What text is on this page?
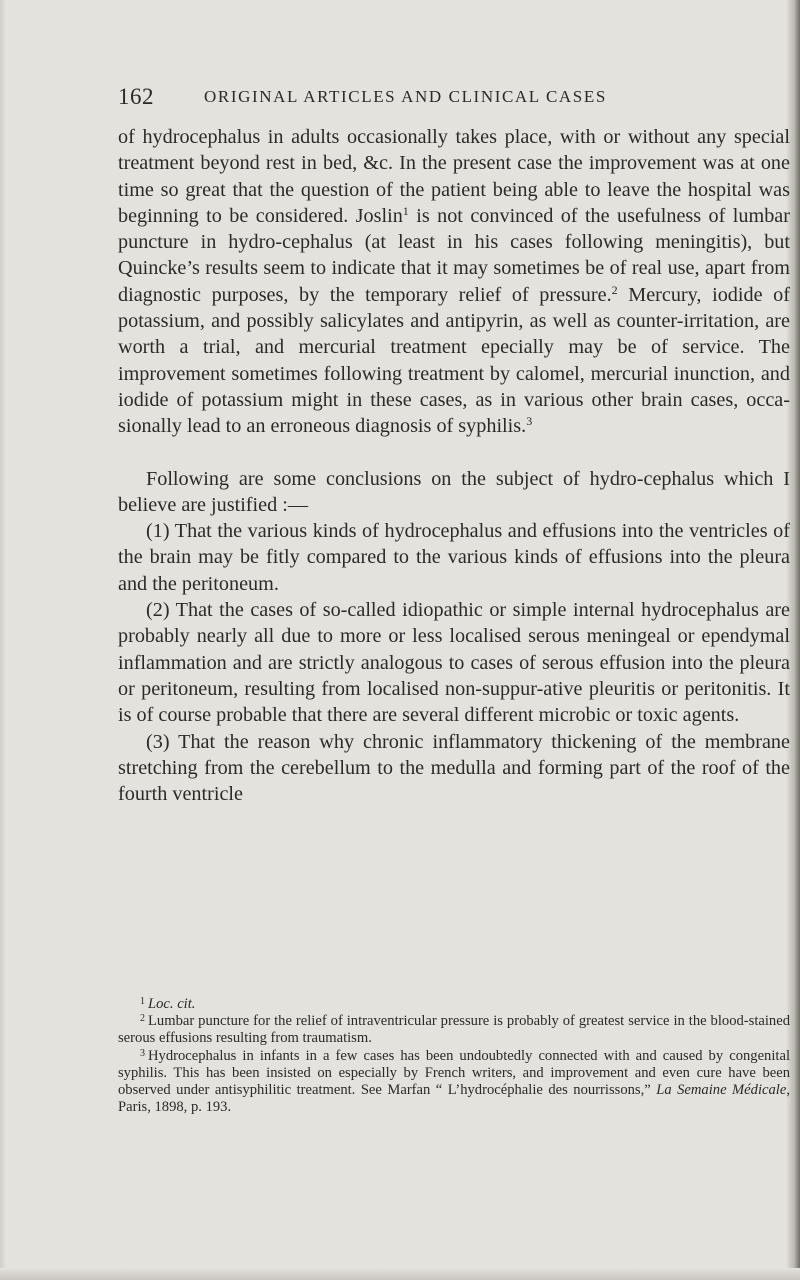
162	ORIGINAL ARTICLES AND CLINICAL CASES

of hydrocephalus in adults occasionally takes place, with or without any special treatment beyond rest in bed, &c. In the present case the improvement was at one time so great that the question of the patient being able to leave the hospital was beginning to be considered. Joslin$^1$ is not convinced of the usefulness of lumbar puncture in hydro-cephalus (at least in his cases following meningitis), but Quincke’s results seem to indicate that it may sometimes be of real use, apart from diagnostic purposes, by the temporary relief of pressure.$^2$ Mercury, iodide of potassium, and possibly salicylates and antipyrin, as well as counter-irritation, are worth a trial, and mercurial treatment epecially may be of service. The improvement sometimes following treatment by calomel, mercurial inunction, and iodide of potassium might in these cases, as in various other brain cases, occa-sionally lead to an erroneous diagnosis of syphilis.$^3$

Following are some conclusions on the subject of hydro-cephalus which I believe are justified :—

(1) That the various kinds of hydrocephalus and effusions into the ventricles of the brain may be fitly compared to the various kinds of effusions into the pleura and the peritoneum.

(2) That the cases of so-called idiopathic or simple internal hydrocephalus are probably nearly all due to more or less localised serous meningeal or ependymal inflammation and are strictly analogous to cases of serous effusion into the pleura or peritoneum, resulting from localised non-suppur-ative pleuritis or peritonitis. It is of course probable that there are several different microbic or toxic agents.

(3) That the reason why chronic inflammatory thickening of the membrane stretching from the cerebellum to the medulla and forming part of the roof of the fourth ventricle

$^1$ Loc. cit.

$^2$ Lumbar puncture for the relief of intraventricular pressure is probably of greatest service in the blood-stained serous effusions resulting from traumatism.

$^3$ Hydrocephalus in infants in a few cases has been undoubtedly connected with and caused by congenital syphilis. This has been insisted on especially by French writers, and improvement and even cure have been observed under antisyphilitic treatment. See Marfan “ L’hydrocéphalie des nourrissons,” La Semaine Médicale, Paris, 1898, p. 193.
